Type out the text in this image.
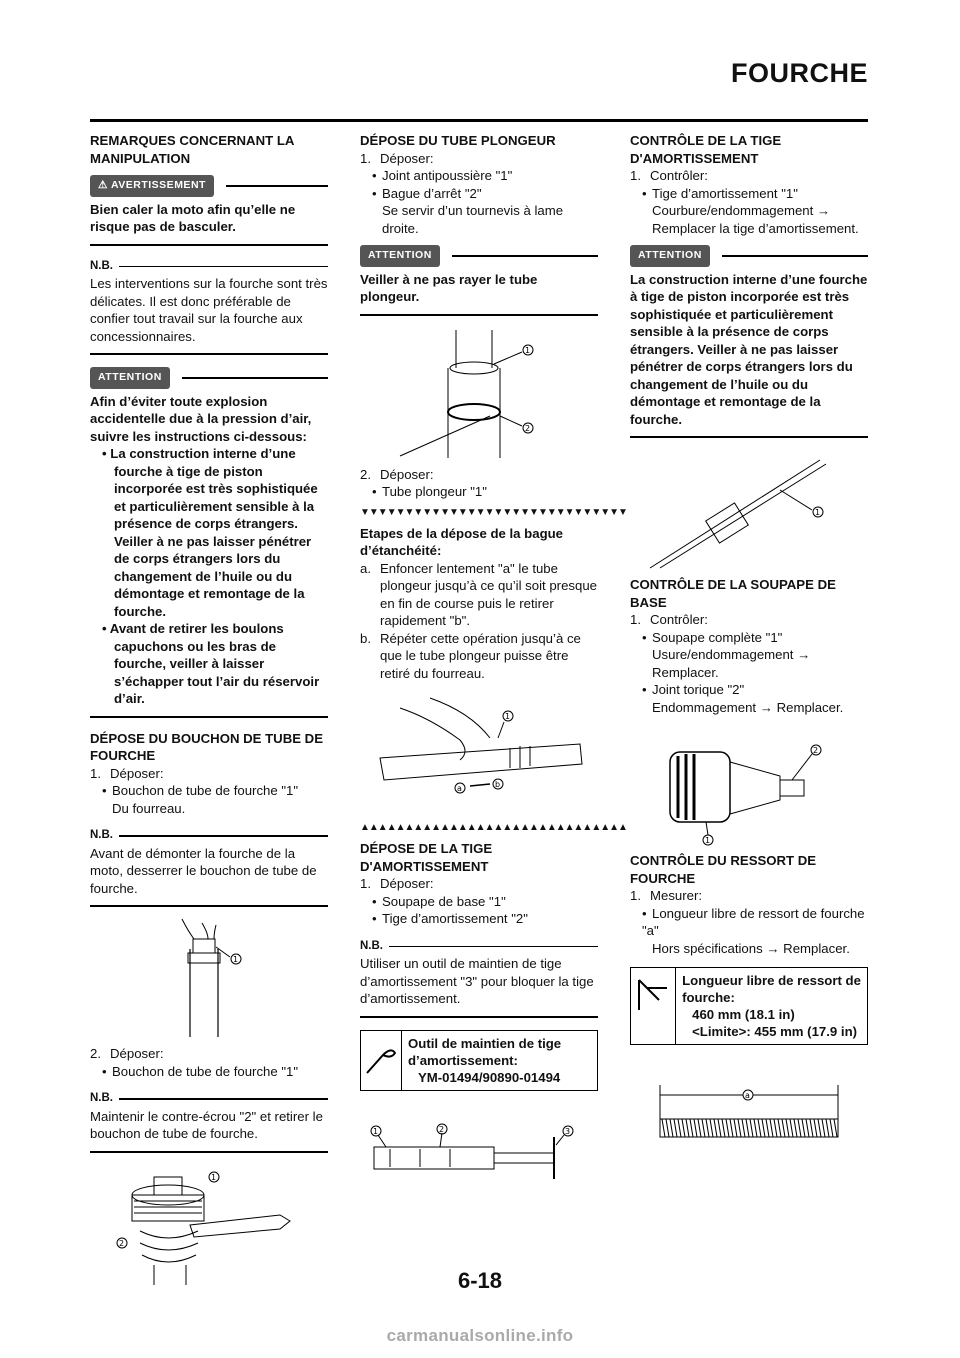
FOURCHE

REMARQUES CONCERNANT LA MANIPULATION

⚠ AVERTISSEMENT

Bien caler la moto afin qu’elle ne risque pas de basculer.

N.B.

Les interventions sur la fourche sont très délicates. Il est donc préférable de confier tout travail sur la fourche aux concessionnaires.

ATTENTION

Afin d’éviter toute explosion accidentelle due à la pression d’air, suivre les instructions ci-dessous:

• La construction interne d’une fourche à tige de piston incorporée est très sophistiquée et particulièrement sensible à la présence de corps étrangers. Veiller à ne pas laisser pénétrer de corps étrangers lors du changement de l’huile ou du démontage et remontage de la fourche.

• Avant de retirer les boulons capuchons ou les bras de fourche, veiller à laisser s’échapper tout l’air du réservoir d’air.

DÉPOSE DU BOUCHON DE TUBE DE FOURCHE

1. Déposer:

• Bouchon de tube de fourche "1"

Du fourreau.

N.B.

Avant de démonter la fourche de la moto, desserrer le bouchon de tube de fourche.

1

2. Déposer:

• Bouchon de tube de fourche "1"

N.B.

Maintenir le contre-écrou "2" et retirer le bouchon de tube de fourche.

1
2

DÉPOSE DU TUBE PLONGEUR

1. Déposer:

• Joint antipoussière "1"

• Bague d’arrêt "2"

Se servir d’un tournevis à lame droite.

ATTENTION

Veiller à ne pas rayer le tube plongeur.

1
2

2. Déposer:

• Tube plongeur "1"

▼▼▼▼▼▼▼▼▼▼▼▼▼▼▼▼▼▼▼▼▼▼▼▼▼▼▼▼▼▼

Etapes de la dépose de la bague d’étanchéité:

a. Enfoncer lentement "a" le tube plongeur jusqu’à ce qu’il soit presque en fin de course puis le retirer rapidement "b".

b. Répéter cette opération jusqu’à ce que le tube plongeur puisse être retiré du fourreau.

a	b
1
▲▲▲▲▲▲▲▲▲▲▲▲▲▲▲▲▲▲▲▲▲▲▲▲▲▲▲▲▲▲

DÉPOSE DE LA TIGE D'AMORTISSEMENT

1. Déposer:

• Soupape de base "1"

• Tige d’amortissement "2"

N.B.

Utiliser un outil de maintien de tige d’amortissement "3" pour bloquer la tige d’amortissement.

Outil de maintien de tige d’amortissement:
YM-01494/90890-01494
1	2	3

CONTRÔLE DE LA TIGE D'AMORTISSEMENT

1. Contrôler:

• Tige d’amortissement "1"

Courbure/endommagement → Remplacer la tige d’amortissement.

ATTENTION

La construction interne d’une fourche à tige de piston incorporée est très sophistiquée et particulièrement sensible à la présence de corps étrangers. Veiller à ne pas laisser pénétrer de corps étrangers lors du changement de l’huile ou du démontage et remontage de la fourche.

1

CONTRÔLE DE LA SOUPAPE DE BASE

1. Contrôler:

• Soupape complète "1"

Usure/endommagement → Remplacer.

• Joint torique "2"

Endommagement → Remplacer.

2
1

CONTRÔLE DU RESSORT DE FOURCHE

1. Mesurer:

• Longueur libre de ressort de fourche "a"

Hors spécifications → Remplacer.

Longueur libre de ressort de fourche:
460 mm (18.1 in)
<Limite>: 455 mm (17.9 in)
a
6-18
carmanualsonline.info
